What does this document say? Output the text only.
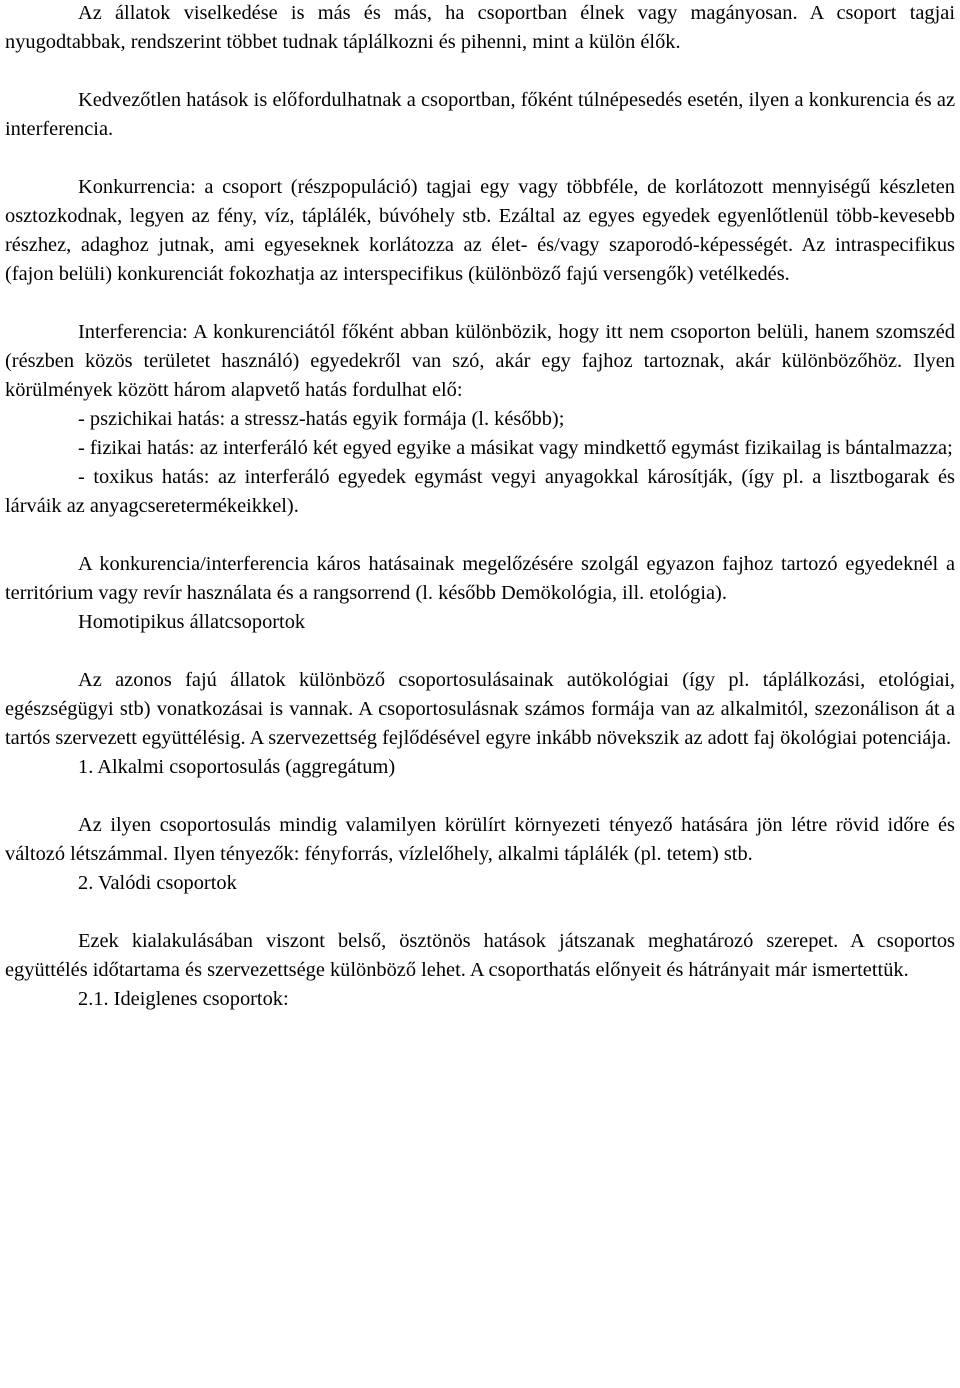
Az állatok viselkedése is más és más, ha csoportban élnek vagy magányosan. A csoport tagjai nyugodtabbak, rendszerint többet tudnak táplálkozni és pihenni, mint a külön élők.

Kedvezőtlen hatások is előfordulhatnak a csoportban, főként túlnépesedés esetén, ilyen a konkurencia és az interferencia.

Konkurrencia: a csoport (részpopuláció) tagjai egy vagy többféle, de korlátozott mennyiségű készleten osztozkodnak, legyen az fény, víz, táplálék, búvóhely stb. Ezáltal az egyes egyedek egyenlőtlenül több-kevesebb részhez, adaghoz jutnak, ami egyeseknek korlátozza az élet- és/vagy szaporodó-képességét. Az intraspecifikus (fajon belüli) konkurenciát fokozhatja az interspecifikus (különböző fajú versengők) vetélkedés.

Interferencia: A konkurenciától főként abban különbözik, hogy itt nem csoporton belüli, hanem szomszéd (részben közös területet használó) egyedekről van szó, akár egy fajhoz tartoznak, akár különbözőhöz. Ilyen körülmények között három alapvető hatás fordulhat elő:

- pszichikai hatás: a stressz-hatás egyik formája (l. később);

- fizikai hatás: az interferáló két egyed egyike a másikat vagy mindkettő egymást fizikailag is bántalmazza;

- toxikus hatás: az interferáló egyedek egymást vegyi anyagokkal károsítják, (így pl. a lisztbogarak és lárváik az anyagcseretermékeikkel).

A konkurencia/interferencia káros hatásainak megelőzésére szolgál egyazon fajhoz tartozó egyedeknél a territórium vagy revír használata és a rangsorrend (l. később Demökológia, ill. etológia).

Homotipikus állatcsoportok

Az azonos fajú állatok különböző csoportosulásainak autökológiai (így pl. táplálkozási, etológiai, egészségügyi stb) vonatkozásai is vannak. A csoportosulásnak számos formája van az alkalmitól, szezonálison át a tartós szervezett együttélésig. A szervezettség fejlődésével egyre inkább növekszik az adott faj ökológiai potenciája.

1. Alkalmi csoportosulás (aggregátum)

Az ilyen csoportosulás mindig valamilyen körülírt környezeti tényező hatására jön létre rövid időre és változó létszámmal. Ilyen tényezők: fényforrás, vízlelőhely, alkalmi táplálék (pl. tetem) stb.

2. Valódi csoportok

Ezek kialakulásában viszont belső, ösztönös hatások játszanak meghatározó szerepet. A csoportos együttélés időtartama és szervezettsége különböző lehet. A csoporthatás előnyeit és hátrányait már ismertettük.

2.1. Ideiglenes csoportok:
